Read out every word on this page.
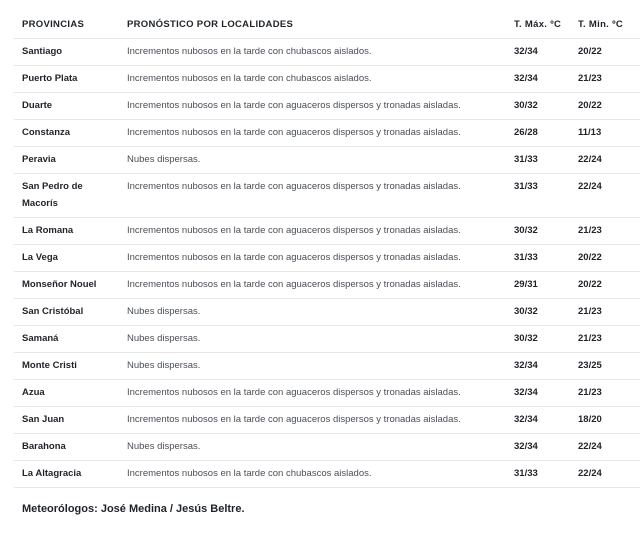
PROVINCIAS	PRONÓSTICO POR LOCALIDADES	T. Máx. ºC	T. Min. ºC
Santiago	Incrementos nubosos en la tarde con chubascos aislados.	32/34	20/22
Puerto Plata	Incrementos nubosos en la tarde con chubascos aislados.	32/34	21/23
Duarte	Incrementos nubosos en la tarde con aguaceros dispersos y tronadas aisladas.	30/32	20/22
Constanza	Incrementos nubosos en la tarde con aguaceros dispersos y tronadas aisladas.	26/28	11/13
Peravia	Nubes dispersas.	31/33	22/24
San Pedro de Macorís	Incrementos nubosos en la tarde con aguaceros dispersos y tronadas aisladas.	31/33	22/24
La Romana	Incrementos nubosos en la tarde con aguaceros dispersos y tronadas aisladas.	30/32	21/23
La Vega	Incrementos nubosos en la tarde con aguaceros dispersos y tronadas aisladas.	31/33	20/22
Monseñor Nouel	Incrementos nubosos en la tarde con aguaceros dispersos y tronadas aisladas.	29/31	20/22
San Cristóbal	Nubes dispersas.	30/32	21/23
Samaná	Nubes dispersas.	30/32	21/23
Monte Cristi	Nubes dispersas.	32/34	23/25
Azua	Incrementos nubosos en la tarde con aguaceros dispersos y tronadas aisladas.	32/34	21/23
San Juan	Incrementos nubosos en la tarde con aguaceros dispersos y tronadas aisladas.	32/34	18/20
Barahona	Nubes dispersas.	32/34	22/24
La Altagracia	Incrementos nubosos en la tarde con chubascos aislados.	31/33	22/24
Meteorólogos: José Medina / Jesús Beltre.
